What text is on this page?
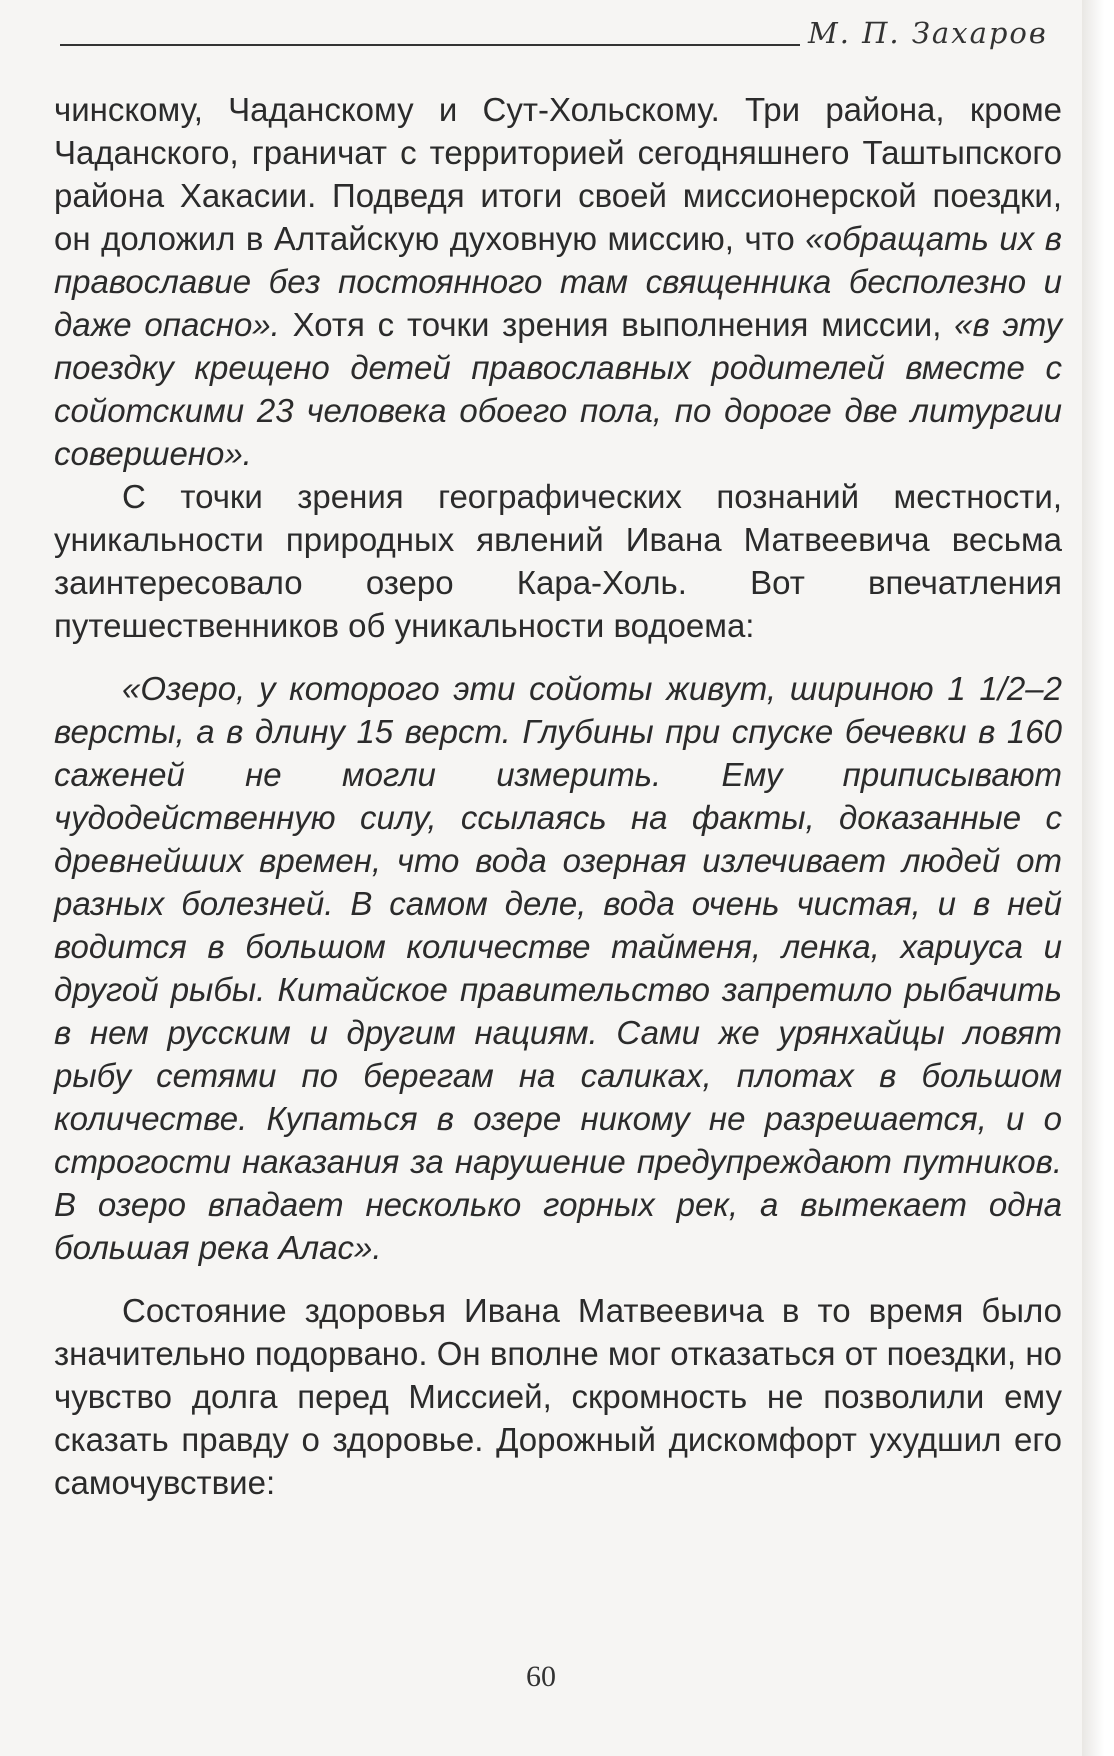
М. П. Захаров

чинскому, Чаданскому и Сут-Хольскому. Три района, кроме Чаданского, граничат с территорией сегодняшнего Таштыпского района Хакасии. Подведя итоги своей миссионерской поездки, он доложил в Алтайскую духовную миссию, что «обращать их в православие без постоянного там священника бесполезно и даже опасно». Хотя с точки зрения выполнения миссии, «в эту поездку крещено детей православных родителей вместе с сойотскими 23 человека обоего пола, по дороге две литургии совершено».

С точки зрения географических познаний местности, уникальности природных явлений Ивана Матвеевича весьма заинтересовало озеро Кара-Холь. Вот впечатления путешественников об уникальности водоема:

«Озеро, у которого эти сойоты живут, шириною 1 1/2–2 версты, а в длину 15 верст. Глубины при спуске бечевки в 160 саженей не могли измерить. Ему приписывают чудодейственную силу, ссылаясь на факты, доказанные с древнейших времен, что вода озерная излечивает людей от разных болезней. В самом деле, вода очень чистая, и в ней водится в большом количестве тайменя, ленка, хариуса и другой рыбы. Китайское правительство запретило рыбачить в нем русским и другим нациям. Сами же урянхайцы ловят рыбу сетями по берегам на саликах, плотах в большом количестве. Купаться в озере никому не разрешается, и о строгости наказания за нарушение предупреждают путников. В озеро впадает несколько горных рек, а вытекает одна большая река Алас».

Состояние здоровья Ивана Матвеевича в то время было значительно подорвано. Он вполне мог отказаться от поездки, но чувство долга перед Миссией, скромность не позволили ему сказать правду о здоровье. Дорожный дискомфорт ухудшил его самочувствие:

60
